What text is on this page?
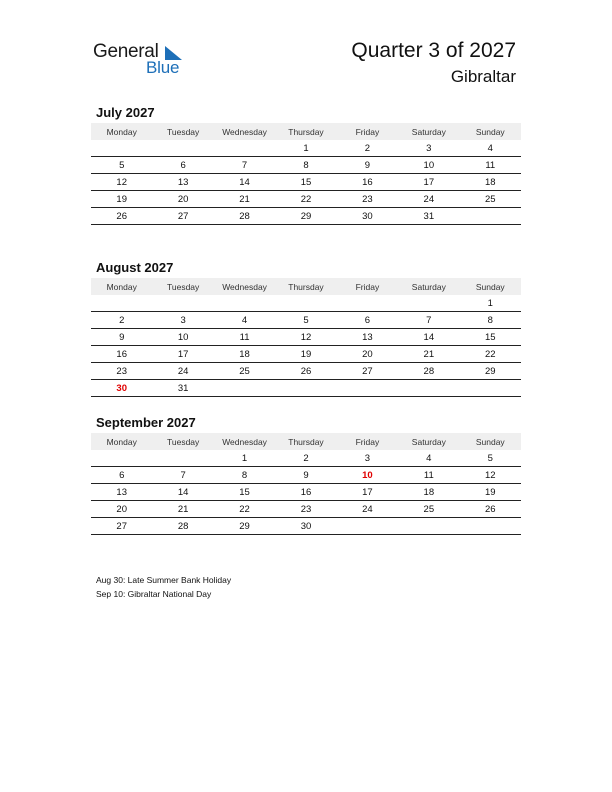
General
Blue
Quarter 3 of 2027
Gibraltar
July 2027
Monday	Tuesday	Wednesday	Thursday	Friday	Saturday	Sunday
			1	2	3	4
5	6	7	8	9	10	11
12	13	14	15	16	17	18
19	20	21	22	23	24	25
26	27	28	29	30	31	
August 2027
Monday	Tuesday	Wednesday	Thursday	Friday	Saturday	Sunday
						1
2	3	4	5	6	7	8
9	10	11	12	13	14	15
16	17	18	19	20	21	22
23	24	25	26	27	28	29
30	31					
September 2027
Monday	Tuesday	Wednesday	Thursday	Friday	Saturday	Sunday
		1	2	3	4	5
6	7	8	9	10	11	12
13	14	15	16	17	18	19
20	21	22	23	24	25	26
27	28	29	30			
Aug 30: Late Summer Bank Holiday
Sep 10: Gibraltar National Day
